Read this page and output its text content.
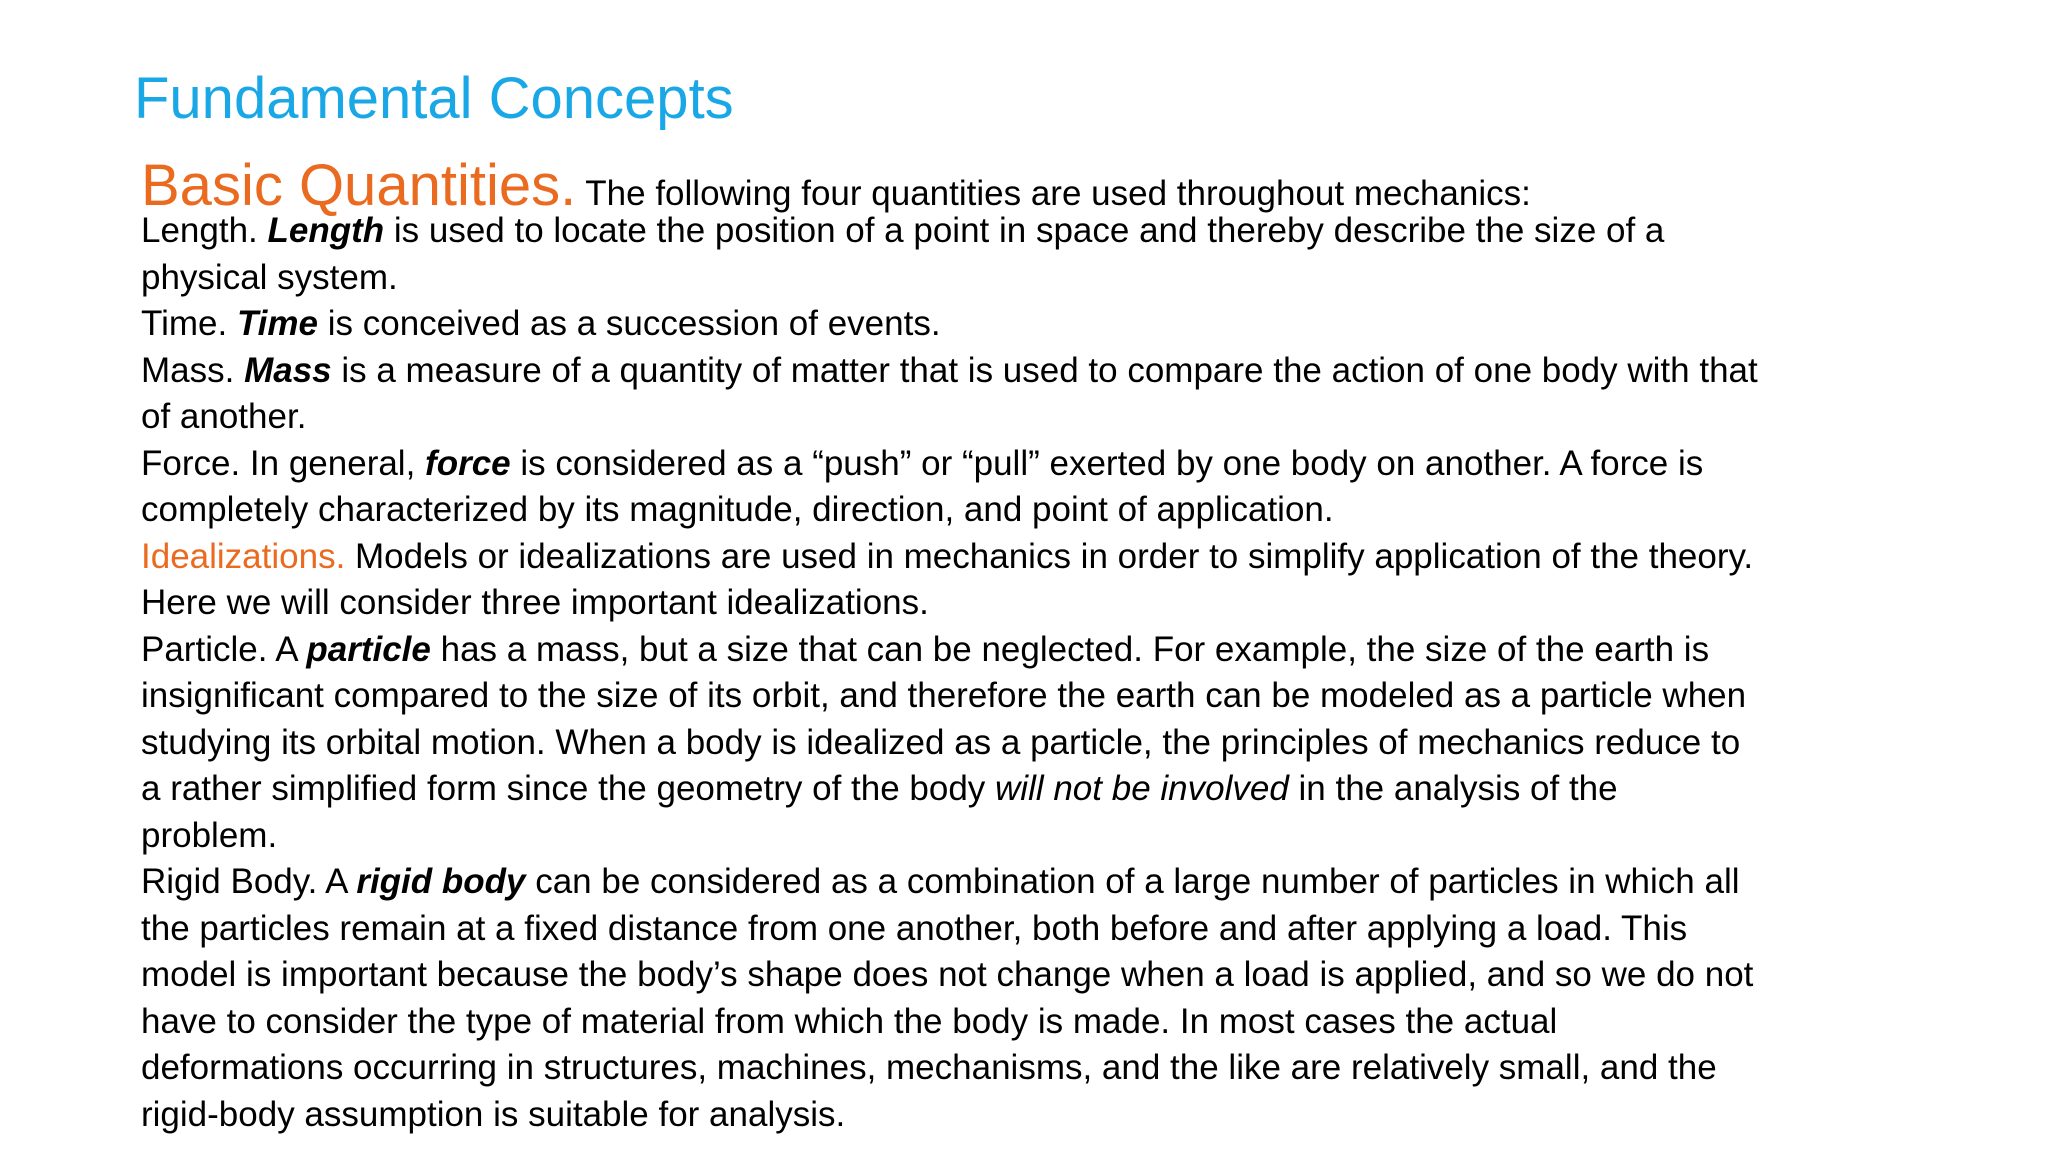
Fundamental Concepts
Basic Quantities. The following four quantities are used throughout mechanics:
Length. Length is used to locate the position of a point in space and thereby describe the size of a
physical system.
Time. Time is conceived as a succession of events.
Mass. Mass is a measure of a quantity of matter that is used to compare the action of one body with that
of another.
Force. In general, force is considered as a “push” or “pull” exerted by one body on another. A force is
completely characterized by its magnitude, direction, and point of application.
Idealizations. Models or idealizations are used in mechanics in order to simplify application of the theory.
Here we will consider three important idealizations.
Particle. A particle has a mass, but a size that can be neglected. For example, the size of the earth is
insignificant compared to the size of its orbit, and therefore the earth can be modeled as a particle when
studying its orbital motion. When a body is idealized as a particle, the principles of mechanics reduce to
a rather simplified form since the geometry of the body will not be involved in the analysis of the
problem.
Rigid Body. A rigid body can be considered as a combination of a large number of particles in which all
the particles remain at a fixed distance from one another, both before and after applying a load. This
model is important because the body’s shape does not change when a load is applied, and so we do not
have to consider the type of material from which the body is made. In most cases the actual
deformations occurring in structures, machines, mechanisms, and the like are relatively small, and the
rigid-body assumption is suitable for analysis.
